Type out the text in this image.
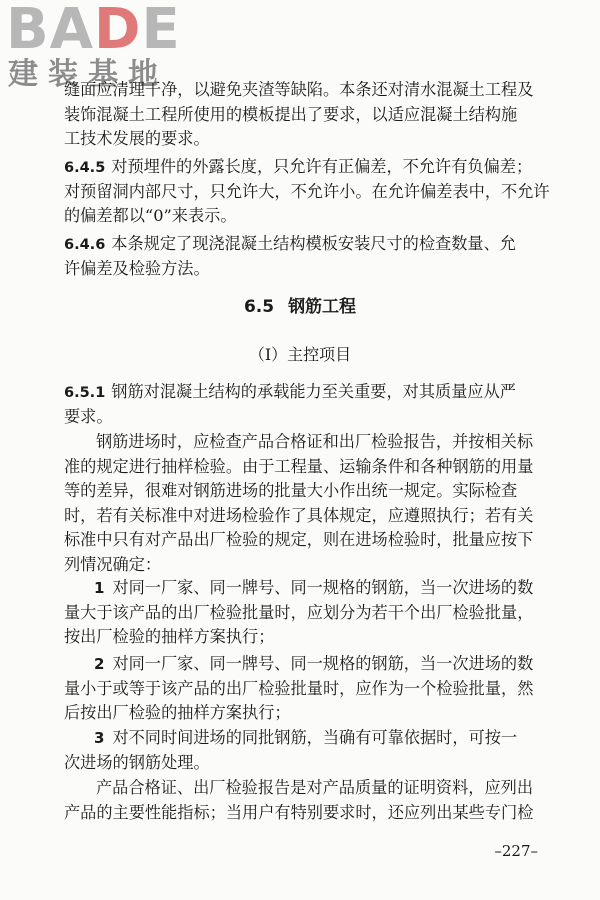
BADE
建装基地
缝面应清理干净，以避免夹渣等缺陷。本条还对清水混凝土工程及
装饰混凝土工程所使用的模板提出了要求，以适应混凝土结构施
工技术发展的要求。
6.4.5 对预埋件的外露长度，只允许有正偏差，不允许有负偏差；
对预留洞内部尺寸，只允许大，不允许小。在允许偏差表中，不允许
的偏差都以“0”来表示。
6.4.6 本条规定了现浇混凝土结构模板安装尺寸的检查数量、允
许偏差及检验方法。
6.5 钢筋工程
（Ⅰ）主控项目
6.5.1 钢筋对混凝土结构的承载能力至关重要，对其质量应从严
要求。
钢筋进场时，应检查产品合格证和出厂检验报告，并按相关标
准的规定进行抽样检验。由于工程量、运输条件和各种钢筋的用量
等的差异，很难对钢筋进场的批量大小作出统一规定。实际检查
时，若有关标准中对进场检验作了具体规定，应遵照执行；若有关
标准中只有对产品出厂检验的规定，则在进场检验时，批量应按下
列情况确定：
1 对同一厂家、同一牌号、同一规格的钢筋，当一次进场的数
量大于该产品的出厂检验批量时，应划分为若干个出厂检验批量，
按出厂检验的抽样方案执行；
2 对同一厂家、同一牌号、同一规格的钢筋，当一次进场的数
量小于或等于该产品的出厂检验批量时，应作为一个检验批量，然
后按出厂检验的抽样方案执行；
3 对不同时间进场的同批钢筋，当确有可靠依据时，可按一
次进场的钢筋处理。
产品合格证、出厂检验报告是对产品质量的证明资料，应列出
产品的主要性能指标；当用户有特别要求时，还应列出某些专门检
–227–
